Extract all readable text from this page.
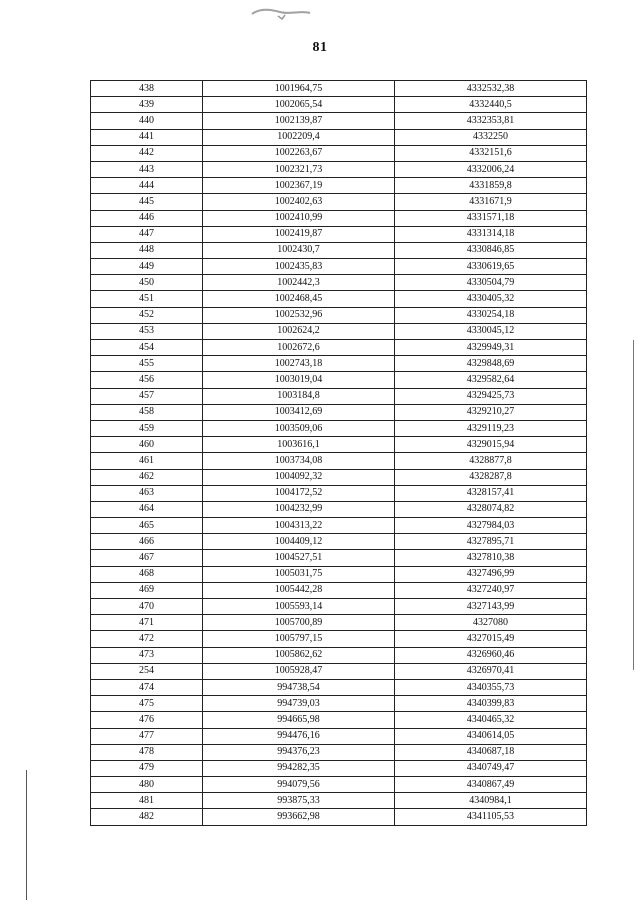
81
438	1001964,75	4332532,38
439	1002065,54	4332440,5
440	1002139,87	4332353,81
441	1002209,4	4332250
442	1002263,67	4332151,6
443	1002321,73	4332006,24
444	1002367,19	4331859,8
445	1002402,63	4331671,9
446	1002410,99	4331571,18
447	1002419,87	4331314,18
448	1002430,7	4330846,85
449	1002435,83	4330619,65
450	1002442,3	4330504,79
451	1002468,45	4330405,32
452	1002532,96	4330254,18
453	1002624,2	4330045,12
454	1002672,6	4329949,31
455	1002743,18	4329848,69
456	1003019,04	4329582,64
457	1003184,8	4329425,73
458	1003412,69	4329210,27
459	1003509,06	4329119,23
460	1003616,1	4329015,94
461	1003734,08	4328877,8
462	1004092,32	4328287,8
463	1004172,52	4328157,41
464	1004232,99	4328074,82
465	1004313,22	4327984,03
466	1004409,12	4327895,71
467	1004527,51	4327810,38
468	1005031,75	4327496,99
469	1005442,28	4327240,97
470	1005593,14	4327143,99
471	1005700,89	4327080
472	1005797,15	4327015,49
473	1005862,62	4326960,46
254	1005928,47	4326970,41
474	994738,54	4340355,73
475	994739,03	4340399,83
476	994665,98	4340465,32
477	994476,16	4340614,05
478	994376,23	4340687,18
479	994282,35	4340749,47
480	994079,56	4340867,49
481	993875,33	4340984,1
482	993662,98	4341105,53
